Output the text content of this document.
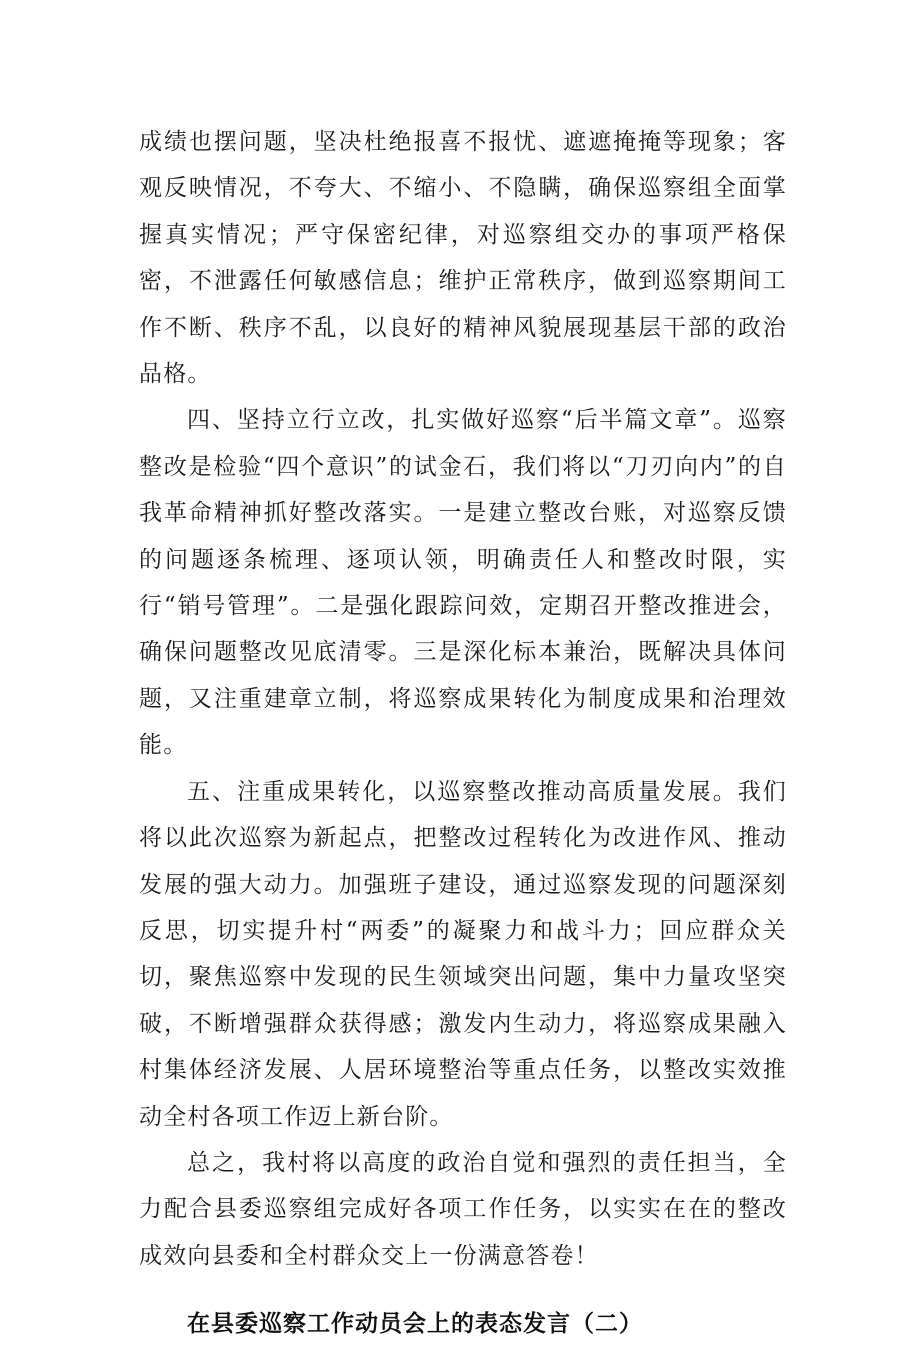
成绩也摆问题，坚决杜绝报喜不报忧、遮遮掩掩等现象；客观反映情况，不夸大、不缩小、不隐瞒，确保巡察组全面掌握真实情况；严守保密纪律，对巡察组交办的事项严格保密，不泄露任何敏感信息；维护正常秩序，做到巡察期间工作不断、秩序不乱，以良好的精神风貌展现基层干部的政治品格。

四、坚持立行立改，扎实做好巡察“后半篇文章”。巡察整改是检验“四个意识”的试金石，我们将以“刀刃向内”的自我革命精神抓好整改落实。一是建立整改台账，对巡察反馈的问题逐条梳理、逐项认领，明确责任人和整改时限，实行“销号管理”。二是强化跟踪问效，定期召开整改推进会，确保问题整改见底清零。三是深化标本兼治，既解决具体问题，又注重建章立制，将巡察成果转化为制度成果和治理效能。

五、注重成果转化，以巡察整改推动高质量发展。我们将以此次巡察为新起点，把整改过程转化为改进作风、推动发展的强大动力。加强班子建设，通过巡察发现的问题深刻反思，切实提升村“两委”的凝聚力和战斗力；回应群众关切，聚焦巡察中发现的民生领域突出问题，集中力量攻坚突破，不断增强群众获得感；激发内生动力，将巡察成果融入村集体经济发展、人居环境整治等重点任务，以整改实效推动全村各项工作迈上新台阶。

总之，我村将以高度的政治自觉和强烈的责任担当，全力配合县委巡察组完成好各项工作任务，以实实在在的整改成效向县委和全村群众交上一份满意答卷！

在县委巡察工作动员会上的表态发言（二）
